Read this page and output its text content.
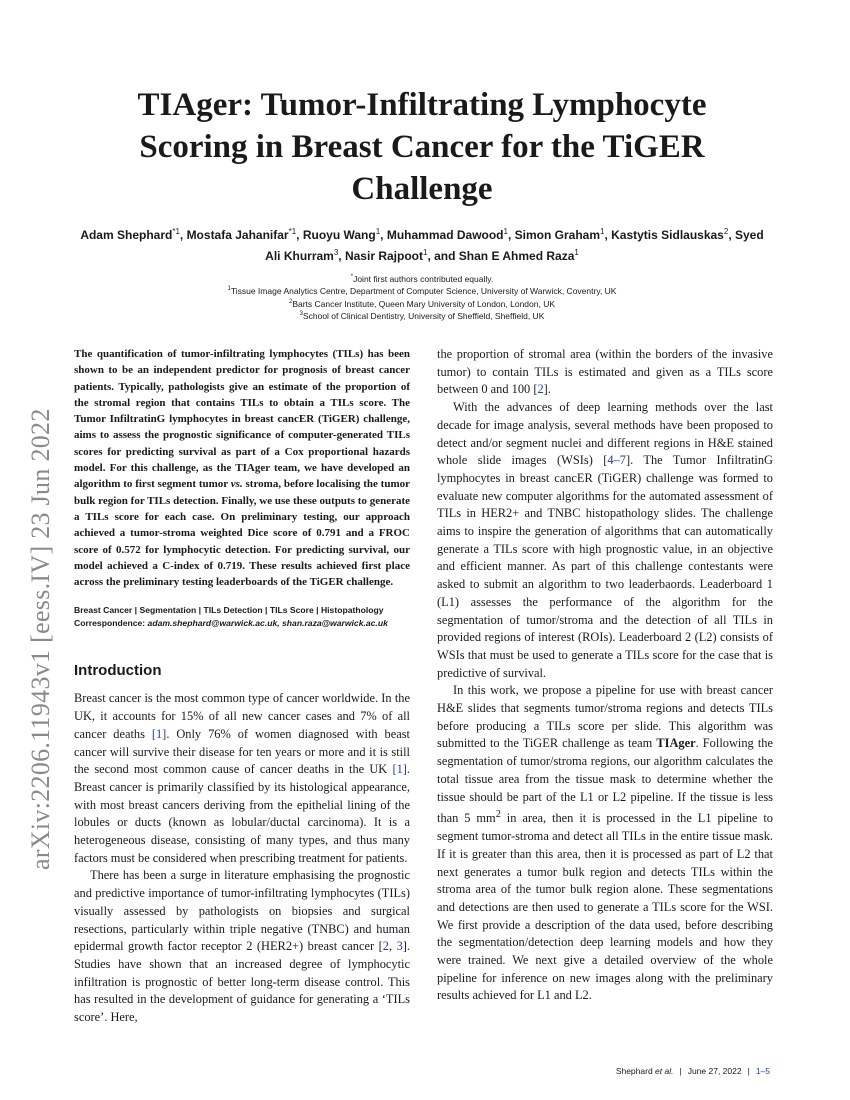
arXiv:2206.11943v1 [eess.IV] 23 Jun 2022
TIAger: Tumor-Infiltrating Lymphocyte
Scoring in Breast Cancer for the TiGER
Challenge
Adam Shephard$^{*1}$, Mostafa Jahanifar$^{*1}$, Ruoyu Wang$^1$, Muhammad Dawood$^1$, Simon Graham$^1$, Kastytis Sidlauskas$^2$, Syed Ali Khurram$^3$, Nasir Rajpoot$^1$, and Shan E Ahmed Raza$^1$
*Joint first authors contributed equally.
$^1$Tissue Image Analytics Centre, Department of Computer Science, University of Warwick, Coventry, UK
$^2$Barts Cancer Institute, Queen Mary University of London, London, UK
$^3$School of Clinical Dentistry, University of Sheffield, Sheffield, UK

The quantification of tumor-infiltrating lymphocytes (TILs) has been shown to be an independent predictor for prognosis of breast cancer patients. Typically, pathologists give an estimate of the proportion of the stromal region that contains TILs to obtain a TILs score. The Tumor InfiltratinG lymphocytes in breast cancER (TiGER) challenge, aims to assess the prognostic significance of computer-generated TILs scores for predicting survival as part of a Cox proportional hazards model. For this challenge, as the TIAger team, we have developed an algorithm to first segment tumor vs. stroma, before localising the tumor bulk region for TILs detection. Finally, we use these outputs to generate a TILs score for each case. On preliminary testing, our approach achieved a tumor-stroma weighted Dice score of 0.791 and a FROC score of 0.572 for lymphocytic detection. For predicting survival, our model achieved a C-index of 0.719. These results achieved first place across the preliminary testing leaderboards of the TiGER challenge.

Breast Cancer | Segmentation | TILs Detection | TILs Score | Histopathology

Correspondence: adam.shephard@warwick.ac.uk, shan.raza@warwick.ac.uk

Introduction

Breast cancer is the most common type of cancer worldwide. In the UK, it accounts for 15% of all new cancer cases and 7% of all cancer deaths [1]. Only 76% of women diagnosed with beast cancer will survive their disease for ten years or more and it is still the second most common cause of cancer deaths in the UK [1]. Breast cancer is primarily classified by its histological appearance, with most breast cancers deriving from the epithelial lining of the lobules or ducts (known as lobular/ductal carcinoma). It is a heterogeneous disease, consisting of many types, and thus many factors must be considered when prescribing treatment for patients.

There has been a surge in literature emphasising the prognostic and predictive importance of tumor-infiltrating lymphocytes (TILs) visually assessed by pathologists on biopsies and surgical resections, particularly within triple negative (TNBC) and human epidermal growth factor receptor 2 (HER2+) breast cancer [2, 3]. Studies have shown that an increased degree of lymphocytic infiltration is prognostic of better long-term disease control. This has resulted in the development of guidance for generating a ‘TILs score’. Here,

the proportion of stromal area (within the borders of the invasive tumor) to contain TILs is estimated and given as a TILs score between 0 and 100 [2].

With the advances of deep learning methods over the last decade for image analysis, several methods have been proposed to detect and/or segment nuclei and different regions in H&E stained whole slide images (WSIs) [4–7]. The Tumor InfiltratinG lymphocytes in breast cancER (TiGER) challenge was formed to evaluate new computer algorithms for the automated assessment of TILs in HER2+ and TNBC histopathology slides. The challenge aims to inspire the generation of algorithms that can automatically generate a TILs score with high prognostic value, in an objective and efficient manner. As part of this challenge contestants were asked to submit an algorithm to two leaderbaords. Leaderboard 1 (L1) assesses the performance of the algorithm for the segmentation of tumor/stroma and the detection of all TILs in provided regions of interest (ROIs). Leaderboard 2 (L2) consists of WSIs that must be used to generate a TILs score for the case that is predictive of survival.

In this work, we propose a pipeline for use with breast cancer H&E slides that segments tumor/stroma regions and detects TILs before producing a TILs score per slide. This algorithm was submitted to the TiGER challenge as team TIAger. Following the segmentation of tumor/stroma regions, our algorithm calculates the total tissue area from the tissue mask to determine whether the tissue should be part of the L1 or L2 pipeline. If the tissue is less than 5 $mm^2$ in area, then it is processed in the L1 pipeline to segment tumor-stroma and detect all TILs in the entire tissue mask. If it is greater than this area, then it is processed as part of L2 that next generates a tumor bulk region and detects TILs within the stroma area of the tumor bulk region alone. These segmentations and detections are then used to generate a TILs score for the WSI. We first provide a description of the data used, before describing the segmentation/detection deep learning models and how they were trained. We next give a detailed overview of the whole pipeline for inference on new images along with the preliminary results achieved for L1 and L2.

Shephard et al. | June 27, 2022 | 1–5
